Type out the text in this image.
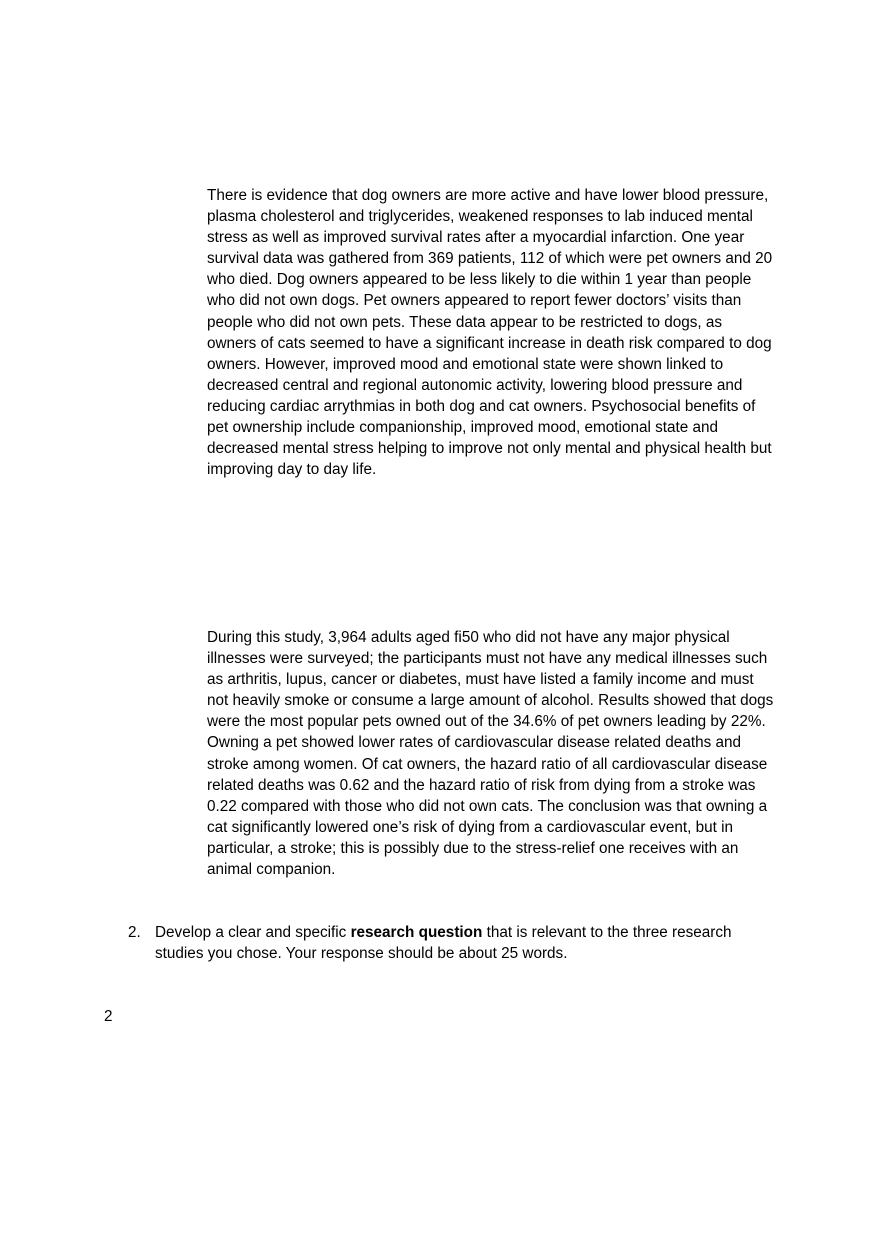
There is evidence that dog owners are more active and have lower blood pressure, plasma cholesterol and triglycerides, weakened responses to lab induced mental stress as well as improved survival rates after a myocardial infarction. One year survival data was gathered from 369 patients, 112 of which were pet owners and 20 who died. Dog owners appeared to be less likely to die within 1 year than people who did not own dogs. Pet owners appeared to report fewer doctors’ visits than people who did not own pets. These data appear to be restricted to dogs, as owners of cats seemed to have a significant increase in death risk compared to dog owners. However, improved mood and emotional state were shown linked to decreased central and regional autonomic activity, lowering blood pressure and reducing cardiac arrythmias in both dog and cat owners. Psychosocial benefits of pet ownership include companionship, improved mood, emotional state and decreased mental stress helping to improve not only mental and physical health but improving day to day life.

During this study, 3,964 adults aged ﬁ50 who did not have any major physical illnesses were surveyed; the participants must not have any medical illnesses such as arthritis, lupus, cancer or diabetes, must have listed a family income and must not heavily smoke or consume a large amount of alcohol. Results showed that dogs were the most popular pets owned out of the 34.6% of pet owners leading by 22%. Owning a pet showed lower rates of cardiovascular disease related deaths and stroke among women. Of cat owners, the hazard ratio of all cardiovascular disease related deaths was 0.62 and the hazard ratio of risk from dying from a stroke was 0.22 compared with those who did not own cats. The conclusion was that owning a cat significantly lowered one’s risk of dying from a cardiovascular event, but in particular, a stroke; this is possibly due to the stress-relief one receives with an animal companion.

2. Develop a clear and specific research question that is relevant to the three research studies you chose. Your response should be about 25 words.
2
